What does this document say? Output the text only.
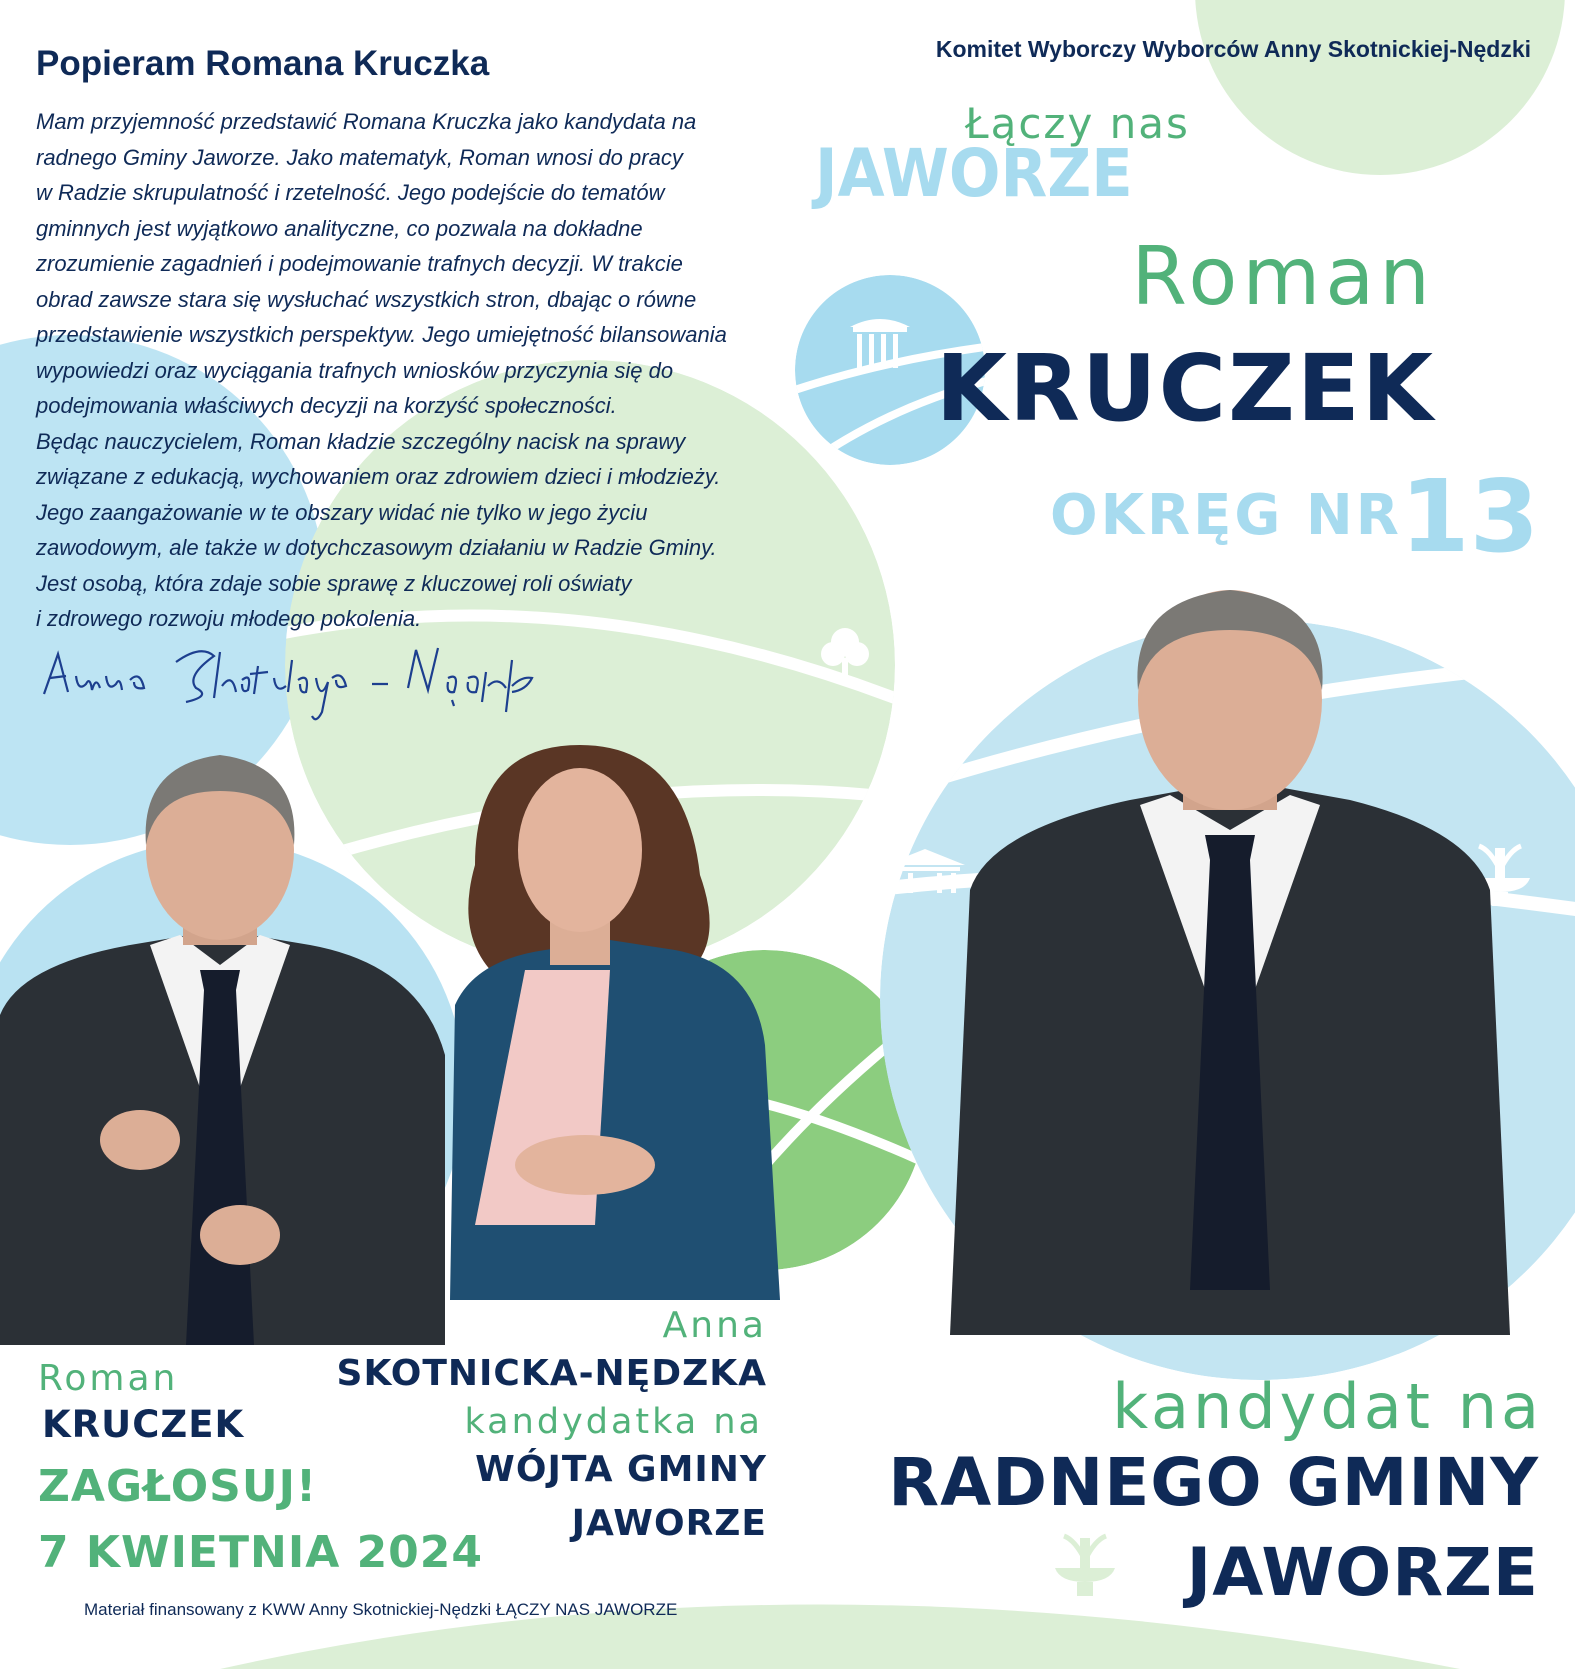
Popieram Romana Kruczka
Mam przyjemność przedstawić Romana Kruczka jako kandydata na
radnego Gminy Jaworze. Jako matematyk, Roman wnosi do pracy
w Radzie skrupulatność i rzetelność. Jego podejście do tematów
gminnych jest wyjątkowo analityczne, co pozwala na dokładne
zrozumienie zagadnień i podejmowanie trafnych decyzji. W trakcie
obrad zawsze stara się wysłuchać wszystkich stron, dbając o równe
przedstawienie wszystkich perspektyw. Jego umiejętność bilansowania
wypowiedzi oraz wyciągania trafnych wniosków przyczynia się do
podejmowania właściwych decyzji na korzyść społeczności.
Będąc nauczycielem, Roman kładzie szczególny nacisk na sprawy
związane z edukacją, wychowaniem oraz zdrowiem dzieci i młodzieży.
Jego zaangażowanie w te obszary widać nie tylko w jego życiu
zawodowym, ale także w dotychczasowym działaniu w Radzie Gminy.
Jest osobą, która zdaje sobie sprawę z kluczowej roli oświaty
i zdrowego rozwoju młodego pokolenia.
Komitet Wyborczy Wyborców Anny Skotnickiej-Nędzki
Łączy nas
JAWORZE
Roman
KRUCZEK
OKRĘG NR
13
kandydat na
RADNEGO GMINY
JAWORZE
Roman
KRUCZEK
ZAGŁOSUJ!
7 KWIETNIA 2024
Anna
SKOTNICKA-NĘDZKA
kandydatka na
WÓJTA GMINY
JAWORZE
Materiał finansowany z KWW Anny Skotnickiej-Nędzki ŁĄCZY NAS JAWORZE
